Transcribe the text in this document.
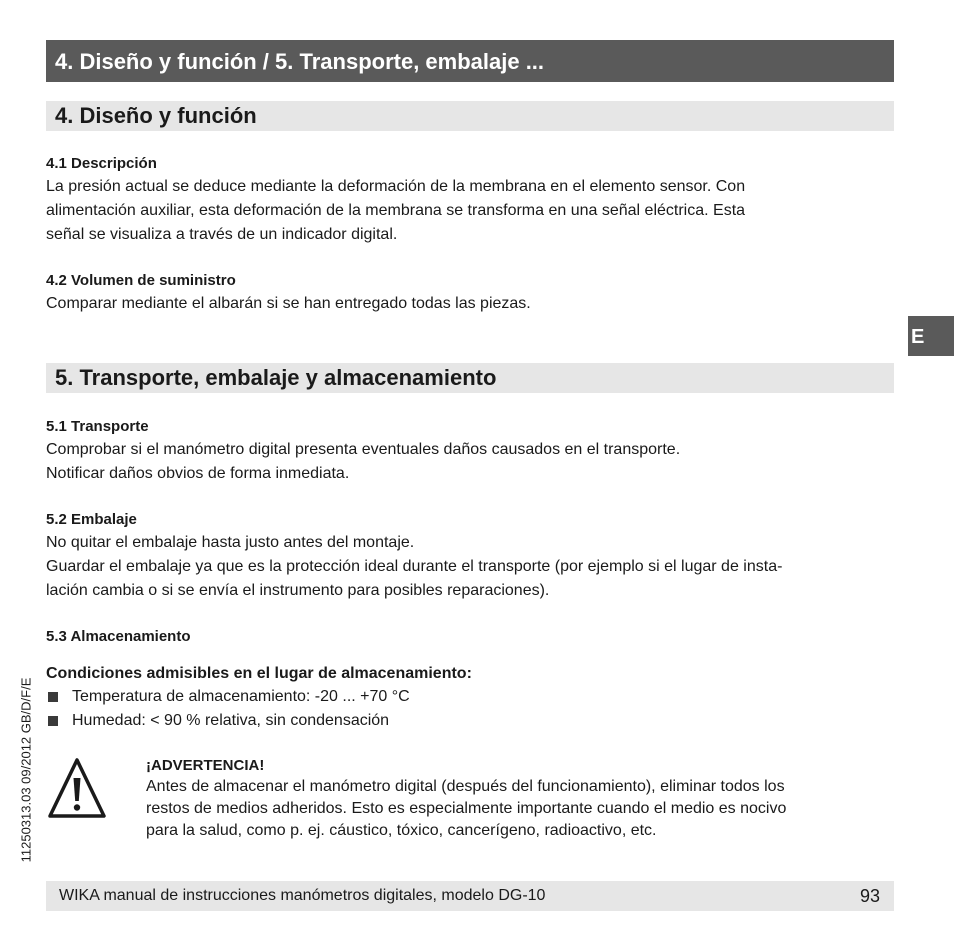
4. Diseño y función / 5. Transporte, embalaje ...
4. Diseño y función

4.1 Descripción

La presión actual se deduce mediante la deformación de la membrana en el elemento sensor. Con

alimentación auxiliar, esta deformación de la membrana se transforma en una señal eléctrica. Esta

señal se visualiza a través de un indicador digital.

4.2 Volumen de suministro

Comparar mediante el albarán si se han entregado todas las piezas.

E
5. Transporte, embalaje y almacenamiento

5.1 Transporte

Comprobar si el manómetro digital presenta eventuales daños causados en el transporte.

Notificar daños obvios de forma inmediata.

5.2 Embalaje

No quitar el embalaje hasta justo antes del montaje.

Guardar el embalaje ya que es la protección ideal durante el transporte (por ejemplo si el lugar de insta-

lación cambia o si se envía el instrumento para posibles reparaciones).

5.3 Almacenamiento

Condiciones admisibles en el lugar de almacenamiento:

Temperatura de almacenamiento: -20 ... +70 °C
Humedad: < 90 % relativa, sin condensación

¡ADVERTENCIA!

Antes de almacenar el manómetro digital (después del funcionamiento), eliminar todos los

restos de medios adheridos. Esto es especialmente importante cuando el medio es nocivo

para la salud, como p. ej. cáustico, tóxico, cancerígeno, radioactivo, etc.

11250313.03 09/2012 GB/D/F/E
WIKA manual de instrucciones manómetros digitales, modelo DG-10	93
